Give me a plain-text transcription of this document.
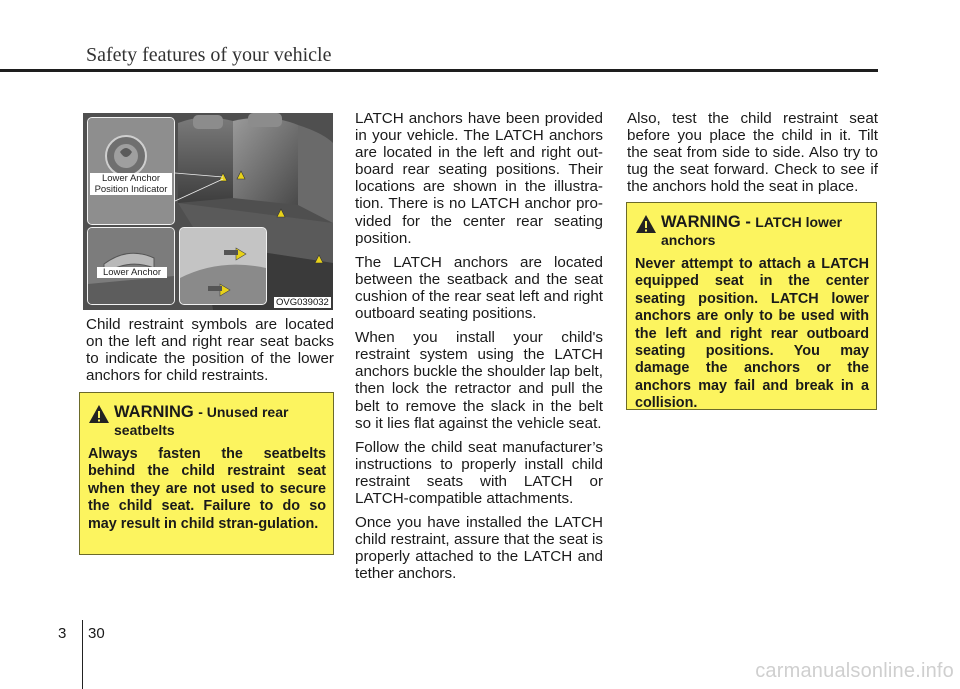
Safety features of your vehicle
Lower Anchor
Position Indicator
Lower Anchor
OVG039032

Child restraint symbols are located on the left and right rear seat backs to indicate the position of the lower anchors for child restraints.

WARNING - Unused rear seatbelts
Always fasten the seatbelts behind the child restraint seat when they are not used to secure the child seat. Failure to do so may result in child stran-gulation.

LATCH anchors have been provided in your vehicle. The LATCH anchors are located in the left and right out-board rear seating positions. Their locations are shown in the illustra-tion. There is no LATCH anchor pro-vided for the center rear seating position.

The LATCH anchors are located between the seatback and the seat cushion of the rear seat left and right outboard seating positions.

When you install your child's restraint system using the LATCH anchors buckle the shoulder lap belt, then lock the retractor and pull the belt to remove the slack in the belt so it lies flat against the vehicle seat.

Follow the child seat manufacturer’s instructions to properly install child restraint seats with LATCH or LATCH-compatible attachments.

Once you have installed the LATCH child restraint, assure that the seat is properly attached to the LATCH and tether anchors.

Also, test the child restraint seat before you place the child in it. Tilt the seat from side to side. Also try to tug the seat forward. Check to see if the anchors hold the seat in place.

WARNING - LATCH lower anchors
Never attempt to attach a LATCH equipped seat in the center seating position. LATCH lower anchors are only to be used with the left and right rear outboard seating positions. You may damage the anchors or the anchors may fail and break in a collision.
3 30
carmanualsonline.info
